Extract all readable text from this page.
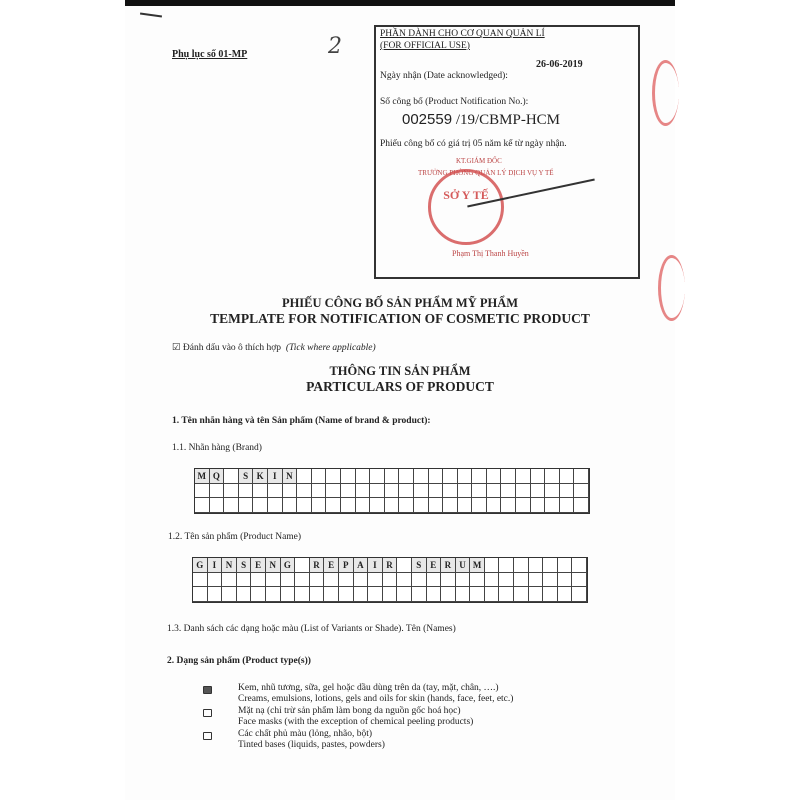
Phụ lục số 01-MP	2	PHẦN DÀNH CHO CƠ QUAN QUẢN LÍ
(FOR OFFICIAL USE)
Ngày nhận (Date acknowledged):
26-06-2019
Số công bố (Product Notification No.):
002559 /19/CBMP-HCM
Phiếu công bố có giá trị 05 năm kể từ ngày nhận.
KT.GIÁM ĐỐC
TRƯỞNG PHÒNG QUẢN LÝ DỊCH VỤ Y TẾ
SỞ Y TẾ
Phạm Thị Thanh Huyền
PHIẾU CÔNG BỐ SẢN PHẨM MỸ PHẨM
TEMPLATE FOR NOTIFICATION OF COSMETIC PRODUCT
☑ Đánh dấu vào ô thích hợp (Tick where applicable)
THÔNG TIN SẢN PHẨM
PARTICULARS OF PRODUCT
1. Tên nhãn hàng và tên Sản phẩm (Name of brand & product):
1.1. Nhãn hàng (Brand)
M Q	S K	I	N
1.2. Tên sản phẩm (Product Name)
G	I	N S	E N G	R E P A	I	R	S	E R U M
1.3. Danh sách các dạng hoặc màu (List of Variants or Shade). Tên (Names)
2. Dạng sản phẩm (Product type(s))
Kem, nhũ tương, sữa, gel hoặc dầu dùng trên da (tay, mặt, chân, ….)
Creams, emulsions, lotions, gels and oils for skin (hands, face, feet, etc.)
Mặt nạ (chỉ trừ sản phẩm làm bong da nguồn gốc hoá học)
Face masks (with the exception of chemical peeling products)
Các chất phủ màu (lỏng, nhão, bột)
Tinted bases (liquids, pastes, powders)
